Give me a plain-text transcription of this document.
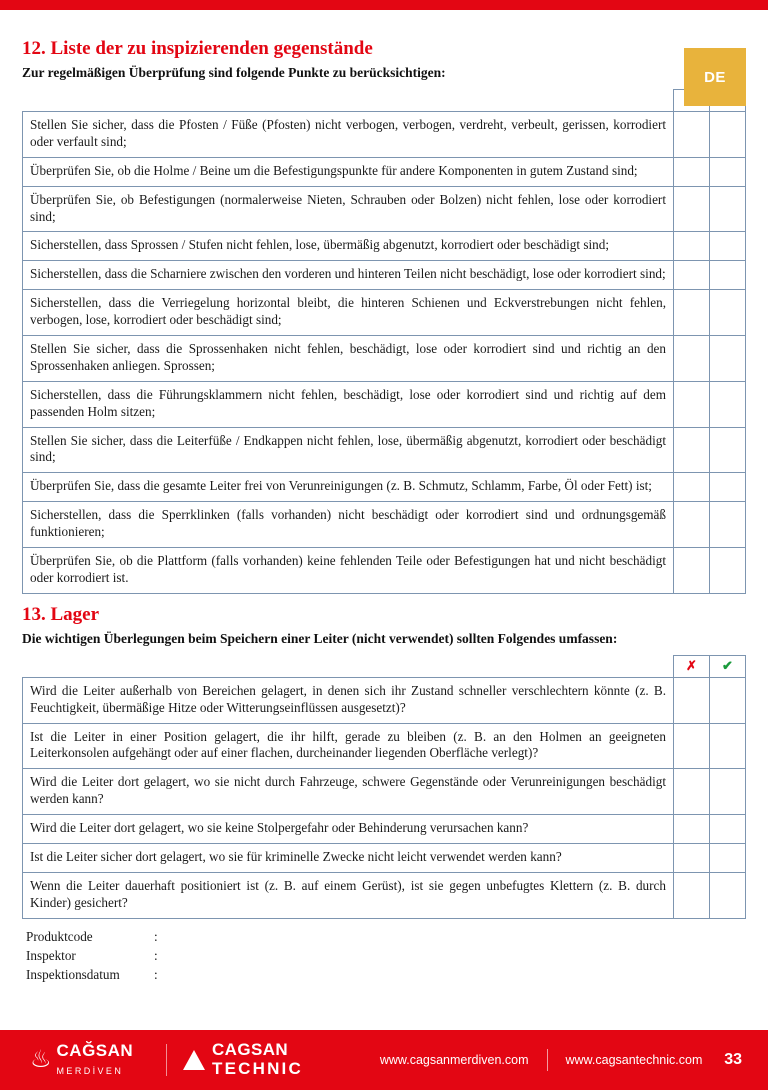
DE
12. Liste der zu inspizierenden gegenstände

Zur regelmäßigen Überprüfung sind folgende Punkte zu berücksichtigen:

Stellen Sie sicher, dass die Pfosten / Füße (Pfosten) nicht verbogen, verbogen, verdreht, verbeult, gerissen, korrodiert oder verfault sind;		
Überprüfen Sie, ob die Holme / Beine um die Befestigungspunkte für andere Komponenten in gutem Zustand sind;		
Überprüfen Sie, ob Befestigungen (normalerweise Nieten, Schrauben oder Bolzen) nicht fehlen, lose oder korrodiert sind;		
Sicherstellen, dass Sprossen / Stufen nicht fehlen, lose, übermäßig abgenutzt, korrodiert oder beschädigt sind;		
Sicherstellen, dass die Scharniere zwischen den vorderen und hinteren Teilen nicht beschädigt, lose oder korrodiert sind;		
Sicherstellen, dass die Verriegelung horizontal bleibt, die hinteren Schienen und Eckverstrebungen nicht fehlen, verbogen, lose, korrodiert oder beschädigt sind;		
Stellen Sie sicher, dass die Sprossenhaken nicht fehlen, beschädigt, lose oder korrodiert sind und richtig an den Sprossenhaken anliegen. Sprossen;		
Sicherstellen, dass die Führungsklammern nicht fehlen, beschädigt, lose oder korrodiert sind und richtig auf dem passenden Holm sitzen;		
Stellen Sie sicher, dass die Leiterfüße / Endkappen nicht fehlen, lose, übermäßig abgenutzt, korrodiert oder beschädigt sind;		
Überprüfen Sie, dass die gesamte Leiter frei von Verunreinigungen (z. B. Schmutz, Schlamm, Farbe, Öl oder Fett) ist;		
Sicherstellen, dass die Sperrklinken (falls vorhanden) nicht beschädigt oder korrodiert sind und ordnungsgemäß funktionieren;		
Überprüfen Sie, ob die Plattform (falls vorhanden) keine fehlenden Teile oder Befestigungen hat und nicht beschädigt oder korrodiert ist.		
13. Lager

Die wichtigen Überlegungen beim Speichern einer Leiter (nicht verwendet) sollten Folgendes umfassen:

	✗	✔
Wird die Leiter außerhalb von Bereichen gelagert, in denen sich ihr Zustand schneller verschlechtern könnte (z. B. Feuchtigkeit, übermäßige Hitze oder Witterungseinflüssen ausgesetzt)?		
Ist die Leiter in einer Position gelagert, die ihr hilft, gerade zu bleiben (z. B. an den Holmen an geeigneten Leiterkonsolen aufgehängt oder auf einer flachen, durcheinander liegenden Oberfläche verlegt)?		
Wird die Leiter dort gelagert, wo sie nicht durch Fahrzeuge, schwere Gegenstände oder Verunreinigungen beschädigt werden kann?		
Wird die Leiter dort gelagert, wo sie keine Stolpergefahr oder Behinderung verursachen kann?		
Ist die Leiter sicher dort gelagert, wo sie für kriminelle Zwecke nicht leicht verwendet werden kann?		
Wenn die Leiter dauerhaft positioniert ist (z. B. auf einem Gerüst), ist sie gegen unbefugtes Klettern (z. B. durch Kinder) gesichert?		
Produktcode	:
Inspektor	:
Inspektionsdatum	:
♨ CAĞSAN
MERDİVEN
CAGSAN
TECHNIC	www.cagsanmerdiven.com	www.cagsantechnic.com 33
